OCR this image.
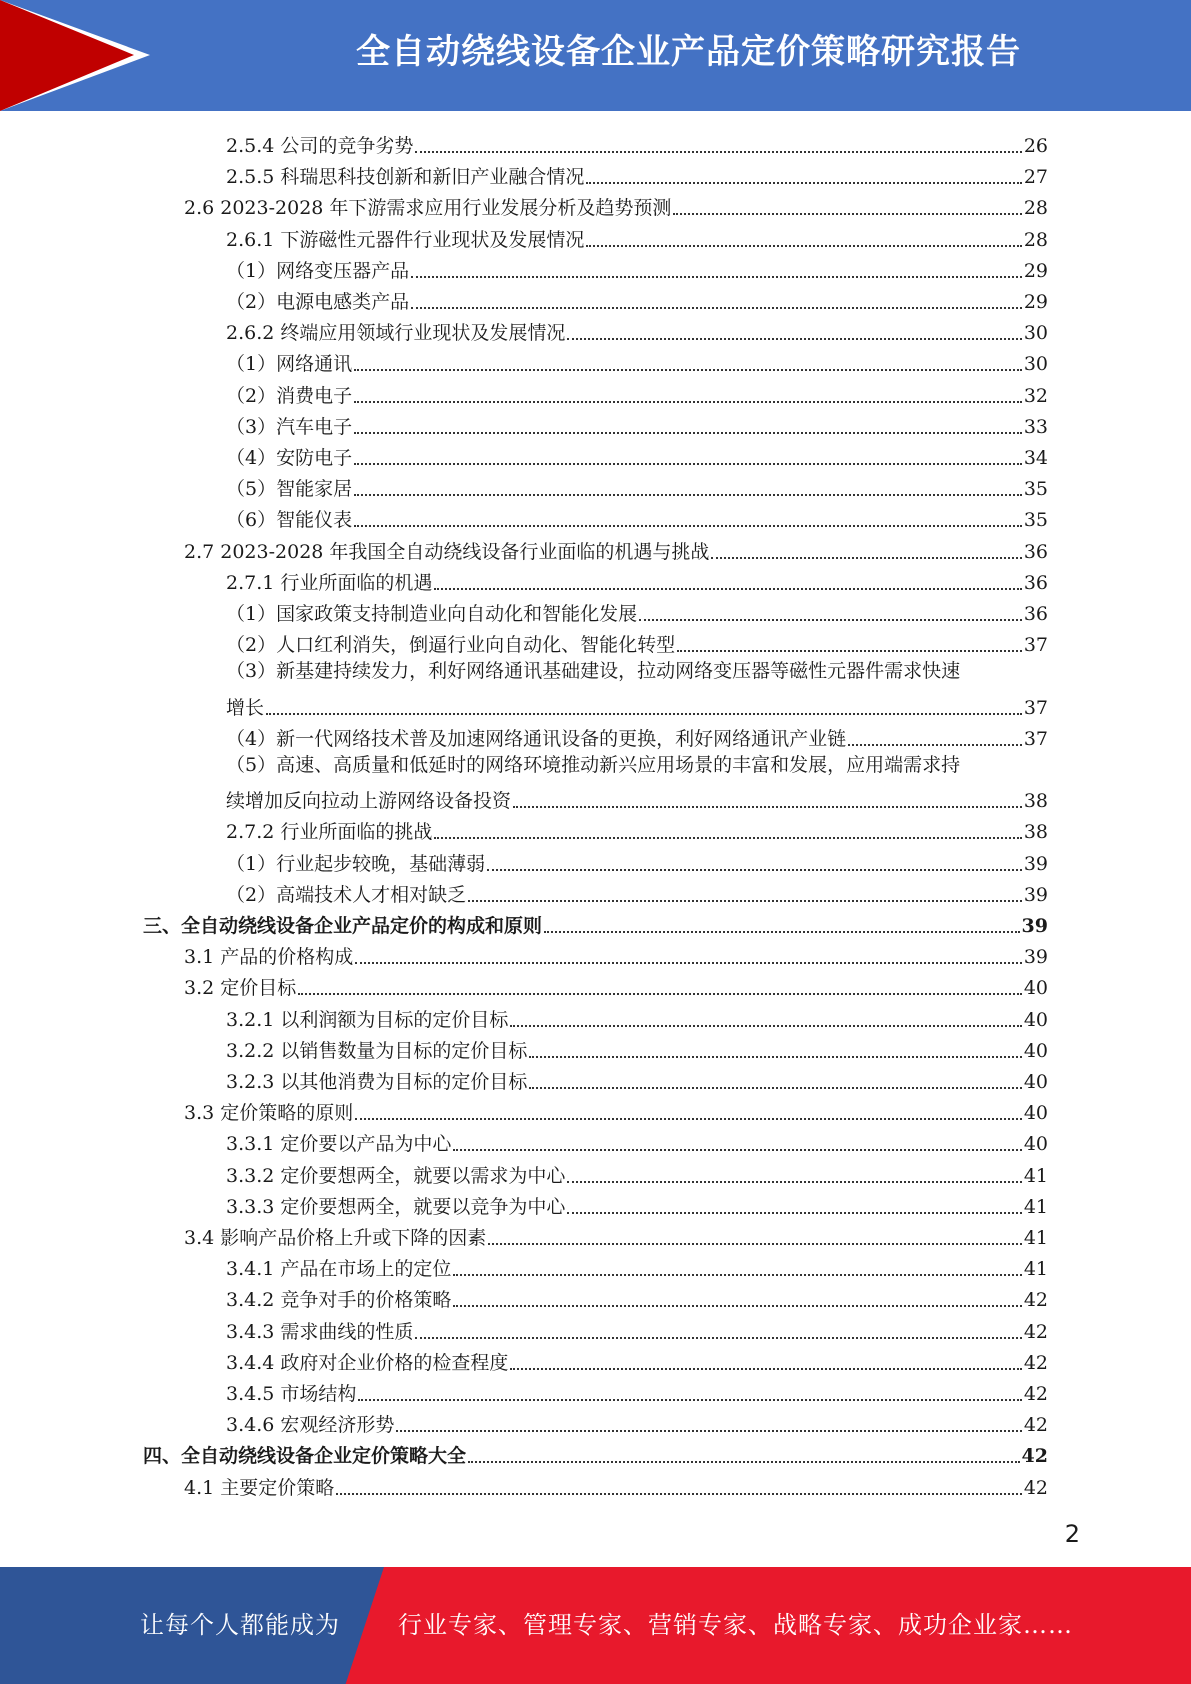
全自动绕线设备企业产品定价策略研究报告
2.5.4 公司的竞争劣势	26
2.5.5 科瑞思科技创新和新旧产业融合情况	27
2.6 2023-2028 年下游需求应用行业发展分析及趋势预测	28
2.6.1 下游磁性元器件行业现状及发展情况	28
（1）网络变压器产品	29
（2）电源电感类产品	29
2.6.2 终端应用领域行业现状及发展情况	30
（1）网络通讯	30
（2）消费电子	32
（3）汽车电子	33
（4）安防电子	34
（5）智能家居	35
（6）智能仪表	35
2.7 2023-2028 年我国全自动绕线设备行业面临的机遇与挑战	36
2.7.1 行业所面临的机遇	36
（1）国家政策支持制造业向自动化和智能化发展	36
（2）人口红利消失，倒逼行业向自动化、智能化转型	37
（3）新基建持续发力，利好网络通讯基础建设，拉动网络变压器等磁性元器件需求快速
增长	37
（4）新一代网络技术普及加速网络通讯设备的更换，利好网络通讯产业链	37
（5）高速、高质量和低延时的网络环境推动新兴应用场景的丰富和发展，应用端需求持
续增加反向拉动上游网络设备投资	38
2.7.2 行业所面临的挑战	38
（1）行业起步较晚，基础薄弱	39
（2）高端技术人才相对缺乏	39
三、全自动绕线设备企业产品定价的构成和原则	39
3.1 产品的价格构成	39
3.2 定价目标	40
3.2.1 以利润额为目标的定价目标	40
3.2.2 以销售数量为目标的定价目标	40
3.2.3 以其他消费为目标的定价目标	40
3.3 定价策略的原则	40
3.3.1 定价要以产品为中心	40
3.3.2 定价要想两全，就要以需求为中心	41
3.3.3 定价要想两全，就要以竞争为中心	41
3.4 影响产品价格上升或下降的因素	41
3.4.1 产品在市场上的定位	41
3.4.2 竞争对手的价格策略	42
3.4.3 需求曲线的性质	42
3.4.4 政府对企业价格的检查程度	42
3.4.5 市场结构	42
3.4.6 宏观经济形势	42
四、全自动绕线设备企业定价策略大全	42
4.1 主要定价策略	42
2
让每个人都能成为 行业专家、管理专家、营销专家、战略专家、成功企业家……
